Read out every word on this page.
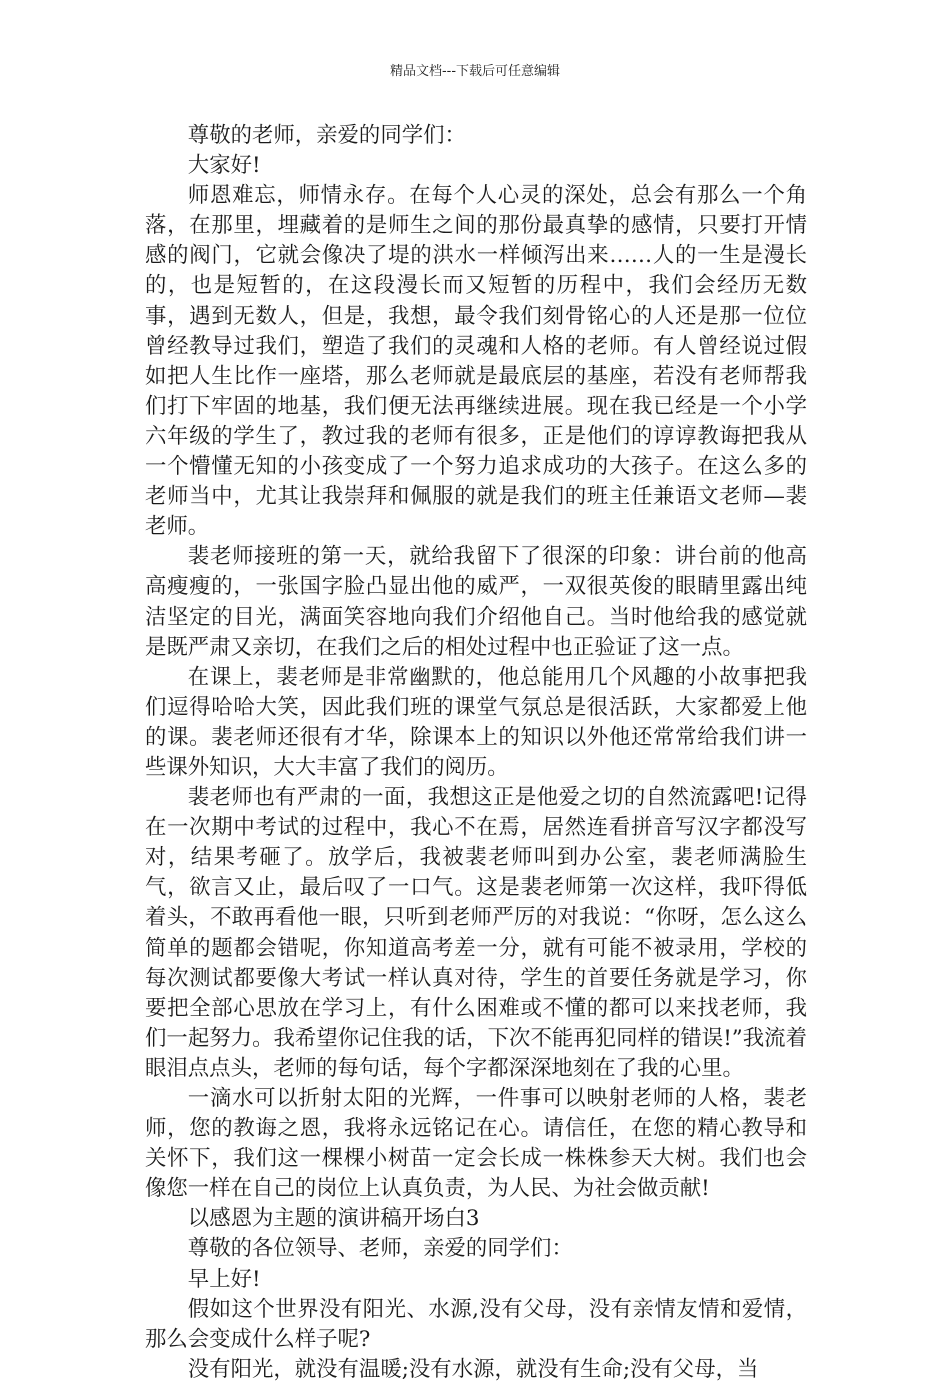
精品文档---下载后可任意编辑

尊敬的老师，亲爱的同学们：

大家好!

师恩难忘，师情永存。在每个人心灵的深处，总会有那么一个角落，在那里，埋藏着的是师生之间的那份最真挚的感情，只要打开情感的阀门，它就会像决了堤的洪水一样倾泻出来……人的一生是漫长的，也是短暂的，在这段漫长而又短暂的历程中，我们会经历无数事，遇到无数人，但是，我想，最令我们刻骨铭心的人还是那一位位曾经教导过我们，塑造了我们的灵魂和人格的老师。有人曾经说过假如把人生比作一座塔，那么老师就是最底层的基座，若没有老师帮我们打下牢固的地基，我们便无法再继续进展。现在我已经是一个小学六年级的学生了，教过我的老师有很多，正是他们的谆谆教诲把我从一个懵懂无知的小孩变成了一个努力追求成功的大孩子。在这么多的老师当中，尤其让我崇拜和佩服的就是我们的班主任兼语文老师—裴老师。

裴老师接班的第一天，就给我留下了很深的印象：讲台前的他高高瘦瘦的，一张国字脸凸显出他的威严，一双很英俊的眼睛里露出纯洁坚定的目光，满面笑容地向我们介绍他自己。当时他给我的感觉就是既严肃又亲切，在我们之后的相处过程中也正验证了这一点。

在课上，裴老师是非常幽默的，他总能用几个风趣的小故事把我们逗得哈哈大笑，因此我们班的课堂气氛总是很活跃，大家都爱上他的课。裴老师还很有才华，除课本上的知识以外他还常常给我们讲一些课外知识，大大丰富了我们的阅历。

裴老师也有严肃的一面，我想这正是他爱之切的自然流露吧!记得在一次期中考试的过程中，我心不在焉，居然连看拼音写汉字都没写对，结果考砸了。放学后，我被裴老师叫到办公室，裴老师满脸生气，欲言又止，最后叹了一口气。这是裴老师第一次这样，我吓得低着头，不敢再看他一眼，只听到老师严厉的对我说：“你呀，怎么这么简单的题都会错呢，你知道高考差一分，就有可能不被录用，学校的每次测试都要像大考试一样认真对待，学生的首要任务就是学习，你要把全部心思放在学习上，有什么困难或不懂的都可以来找老师，我们一起努力。我希望你记住我的话，下次不能再犯同样的错误!”我流着眼泪点点头，老师的每句话，每个字都深深地刻在了我的心里。

一滴水可以折射太阳的光辉，一件事可以映射老师的人格，裴老师，您的教诲之恩，我将永远铭记在心。请信任，在您的精心教导和关怀下，我们这一棵棵小树苗一定会长成一株株参天大树。我们也会像您一样在自己的岗位上认真负责，为人民、为社会做贡献!

以感恩为主题的演讲稿开场白3

尊敬的各位领导、老师，亲爱的同学们：

早上好!

假如这个世界没有阳光、水源,没有父母，没有亲情友情和爱情，那么会变成什么样子呢?

没有阳光，就没有温暖;没有水源，就没有生命;没有父母，当
